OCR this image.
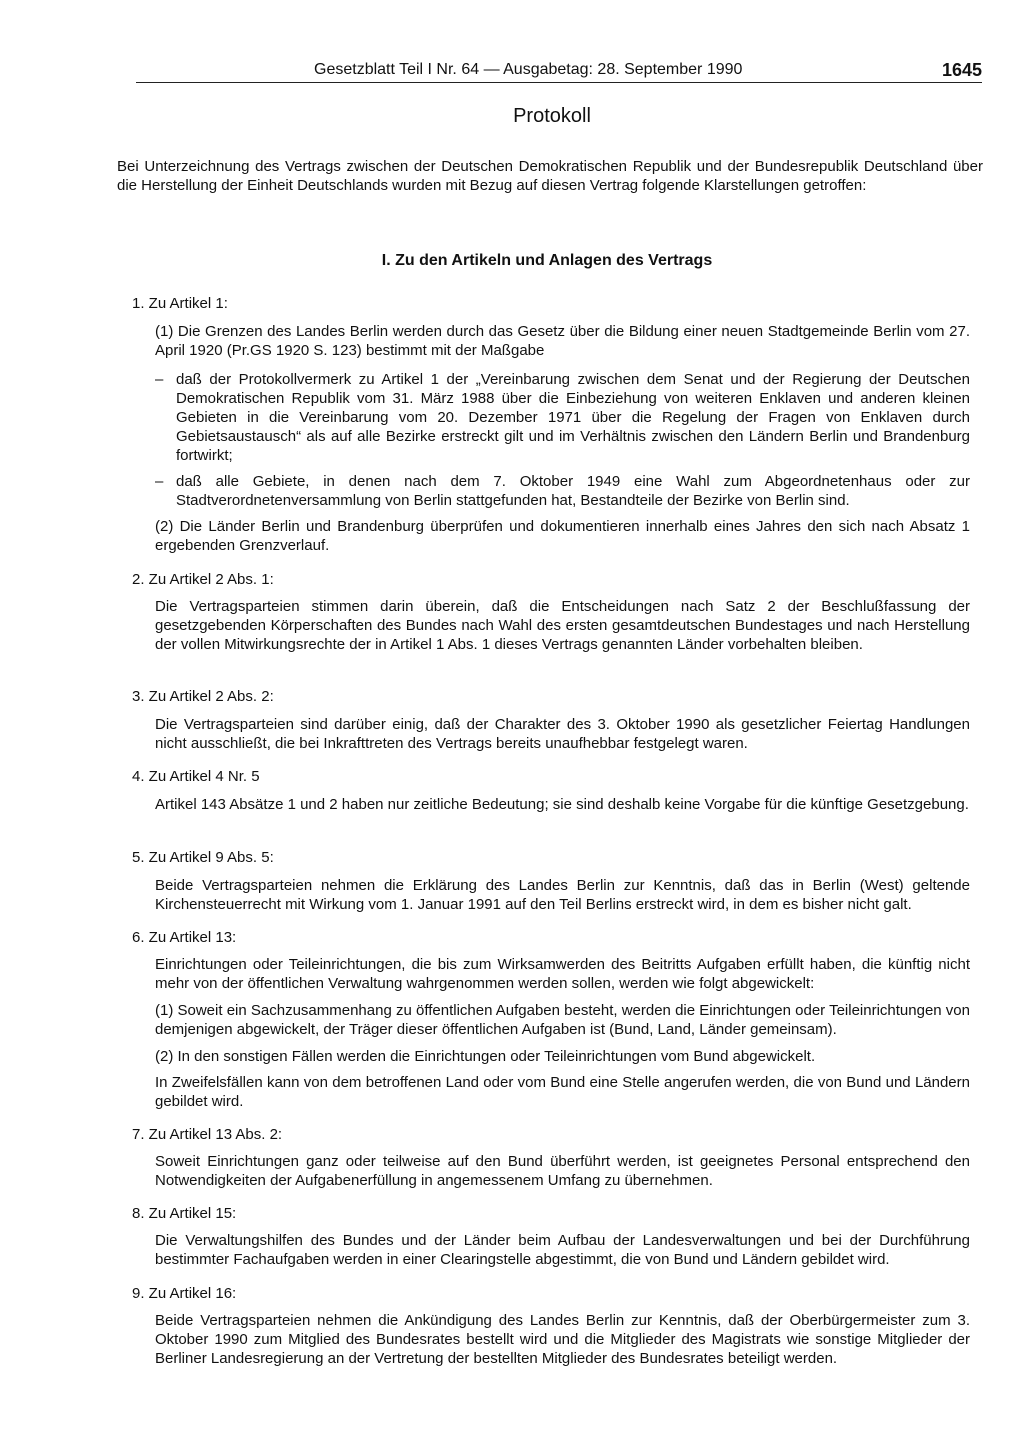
Gesetzblatt Teil I Nr. 64 — Ausgabetag: 28. September 1990	1645
Protokoll
Bei Unterzeichnung des Vertrags zwischen der Deutschen Demokratischen Republik und der Bundesrepublik Deutschland über die Herstellung der Einheit Deutschlands wurden mit Bezug auf diesen Vertrag folgende Klarstellungen getroffen:
I. Zu den Artikeln und Anlagen des Vertrags
1. Zu Artikel 1:
(1) Die Grenzen des Landes Berlin werden durch das Gesetz über die Bildung einer neuen Stadtgemeinde Berlin vom 27. April 1920 (Pr.GS 1920 S. 123) bestimmt mit der Maßgabe
– daß der Protokollvermerk zu Artikel 1 der „Vereinbarung zwischen dem Senat und der Regierung der Deutschen Demokratischen Republik vom 31. März 1988 über die Einbeziehung von weiteren Enklaven und anderen kleinen Gebieten in die Vereinbarung vom 20. Dezember 1971 über die Regelung der Fragen von Enklaven durch Gebietsaustausch“ als auf alle Bezirke erstreckt gilt und im Verhältnis zwischen den Ländern Berlin und Brandenburg fortwirkt;
– daß alle Gebiete, in denen nach dem 7. Oktober 1949 eine Wahl zum Abgeordnetenhaus oder zur Stadtverordnetenversammlung von Berlin stattgefunden hat, Bestandteile der Bezirke von Berlin sind.
(2) Die Länder Berlin und Brandenburg überprüfen und dokumentieren innerhalb eines Jahres den sich nach Absatz 1 ergebenden Grenzverlauf.
2. Zu Artikel 2 Abs. 1:
Die Vertragsparteien stimmen darin überein, daß die Entscheidungen nach Satz 2 der Beschlußfassung der gesetzgebenden Körperschaften des Bundes nach Wahl des ersten gesamtdeutschen Bundestages und nach Herstellung der vollen Mitwirkungsrechte der in Artikel 1 Abs. 1 dieses Vertrags genannten Länder vorbehalten bleiben.
3. Zu Artikel 2 Abs. 2:
Die Vertragsparteien sind darüber einig, daß der Charakter des 3. Oktober 1990 als gesetzlicher Feiertag Handlungen nicht ausschließt, die bei Inkrafttreten des Vertrags bereits unaufhebbar festgelegt waren.
4. Zu Artikel 4 Nr. 5
Artikel 143 Absätze 1 und 2 haben nur zeitliche Bedeutung; sie sind deshalb keine Vorgabe für die künftige Gesetzgebung.
5. Zu Artikel 9 Abs. 5:
Beide Vertragsparteien nehmen die Erklärung des Landes Berlin zur Kenntnis, daß das in Berlin (West) geltende Kirchensteuerrecht mit Wirkung vom 1. Januar 1991 auf den Teil Berlins erstreckt wird, in dem es bisher nicht galt.
6. Zu Artikel 13:
Einrichtungen oder Teileinrichtungen, die bis zum Wirksamwerden des Beitritts Aufgaben erfüllt haben, die künftig nicht mehr von der öffentlichen Verwaltung wahrgenommen werden sollen, werden wie folgt abgewickelt:
(1) Soweit ein Sachzusammenhang zu öffentlichen Aufgaben besteht, werden die Einrichtungen oder Teileinrichtungen von demjenigen abgewickelt, der Träger dieser öffentlichen Aufgaben ist (Bund, Land, Länder gemeinsam).
(2) In den sonstigen Fällen werden die Einrichtungen oder Teileinrichtungen vom Bund abgewickelt.
In Zweifelsfällen kann von dem betroffenen Land oder vom Bund eine Stelle angerufen werden, die von Bund und Ländern gebildet wird.
7. Zu Artikel 13 Abs. 2:
Soweit Einrichtungen ganz oder teilweise auf den Bund überführt werden, ist geeignetes Personal entsprechend den Notwendigkeiten der Aufgabenerfüllung in angemessenem Umfang zu übernehmen.
8. Zu Artikel 15:
Die Verwaltungshilfen des Bundes und der Länder beim Aufbau der Landesverwaltungen und bei der Durchführung bestimmter Fachaufgaben werden in einer Clearingstelle abgestimmt, die von Bund und Ländern gebildet wird.
9. Zu Artikel 16:
Beide Vertragsparteien nehmen die Ankündigung des Landes Berlin zur Kenntnis, daß der Oberbürgermeister zum 3. Oktober 1990 zum Mitglied des Bundesrates bestellt wird und die Mitglieder des Magistrats wie sonstige Mitglieder der Berliner Landesregierung an der Vertretung der bestellten Mitglieder des Bundesrates beteiligt werden.
